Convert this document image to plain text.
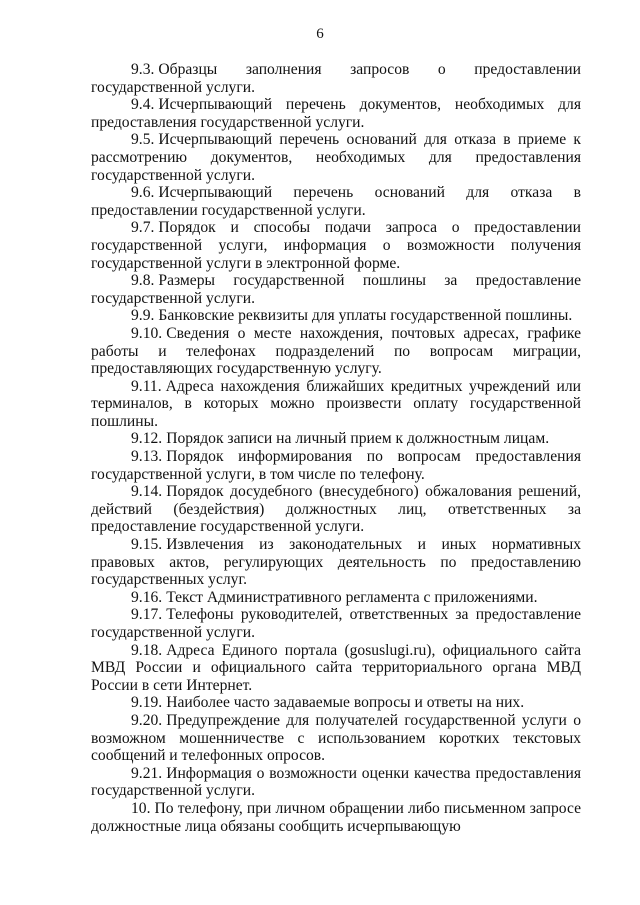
6

9.3. Образцы заполнения запросов о предоставлении государственной услуги.

9.4. Исчерпывающий перечень документов, необходимых для предоставления государственной услуги.

9.5. Исчерпывающий перечень оснований для отказа в приеме к рассмотрению документов, необходимых для предоставления государственной услуги.

9.6. Исчерпывающий перечень оснований для отказа в предоставлении государственной услуги.

9.7. Порядок и способы подачи запроса о предоставлении государственной услуги, информация о возможности получения государственной услуги в электронной форме.

9.8. Размеры государственной пошлины за предоставление государственной услуги.

9.9. Банковские реквизиты для уплаты государственной пошлины.

9.10. Сведения о месте нахождения, почтовых адресах, графике работы и телефонах подразделений по вопросам миграции, предоставляющих государственную услугу.

9.11. Адреса нахождения ближайших кредитных учреждений или терминалов, в которых можно произвести оплату государственной пошлины.

9.12. Порядок записи на личный прием к должностным лицам.

9.13. Порядок информирования по вопросам предоставления государственной услуги, в том числе по телефону.

9.14. Порядок досудебного (внесудебного) обжалования решений, действий (бездействия) должностных лиц, ответственных за предоставление государственной услуги.

9.15. Извлечения из законодательных и иных нормативных правовых актов, регулирующих деятельность по предоставлению государственных услуг.

9.16. Текст Административного регламента с приложениями.

9.17. Телефоны руководителей, ответственных за предоставление государственной услуги.

9.18. Адреса Единого портала (gosuslugi.ru), официального сайта МВД России и официального сайта территориального органа МВД России в сети Интернет.

9.19. Наиболее часто задаваемые вопросы и ответы на них.

9.20. Предупреждение для получателей государственной услуги о возможном мошенничестве с использованием коротких текстовых сообщений и телефонных опросов.

9.21. Информация о возможности оценки качества предоставления государственной услуги.

10. По телефону, при личном обращении либо письменном запросе должностные лица обязаны сообщить исчерпывающую
